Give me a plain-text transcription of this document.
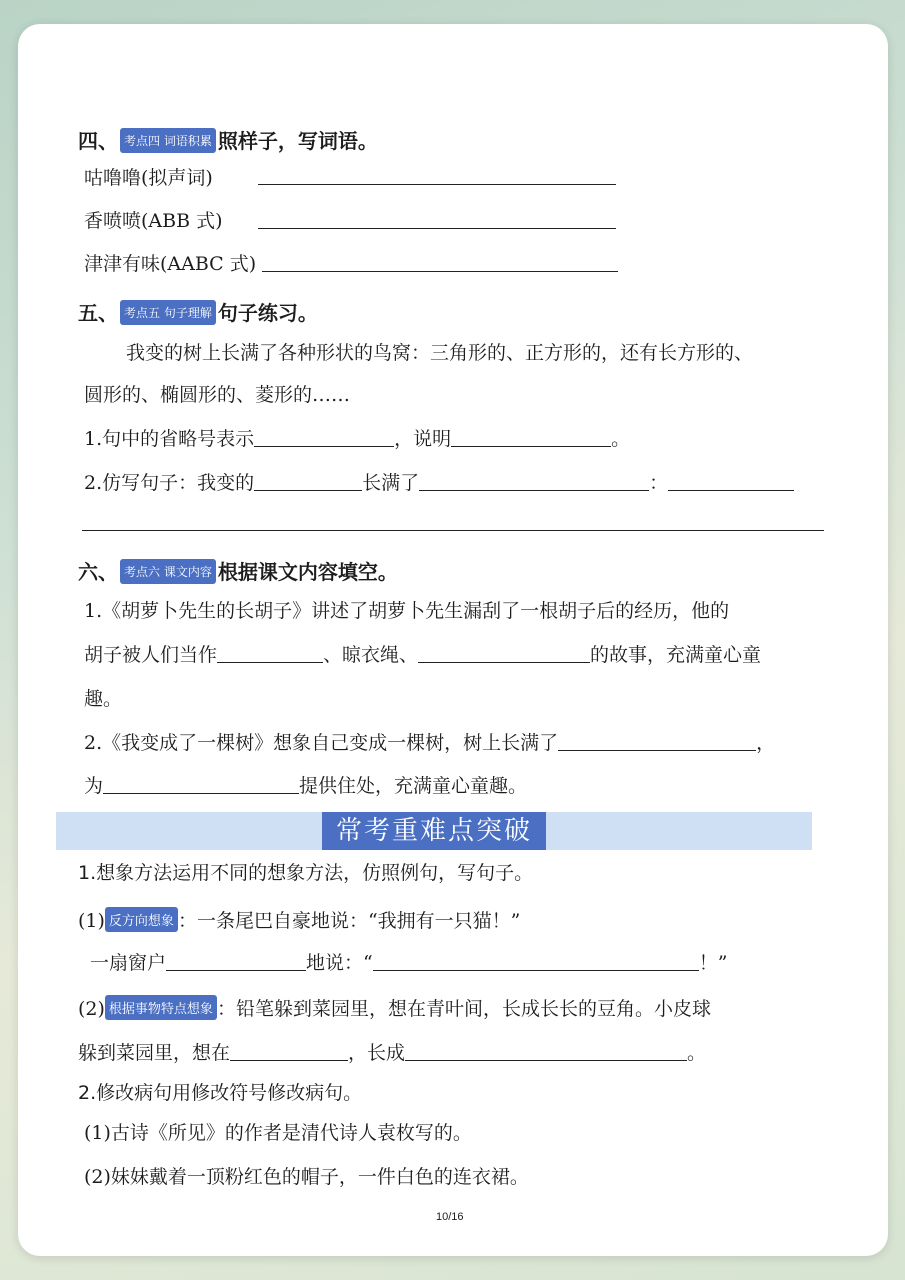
四、 考点四 词语积累 照样子，写词语。
咕噜噜(拟声词)
香喷喷(ABB 式)
津津有味(AABC 式)
五、 考点五 句子理解 句子练习。
我变的树上长满了各种形状的鸟窝：三角形的、正方形的，还有长方形的、
圆形的、椭圆形的、菱形的……
1.句中的省略号表示	，说明	。
2.仿写句子：我变的	长满了	：
六、 考点六 课文内容 根据课文内容填空。
1.《胡萝卜先生的长胡子》讲述了胡萝卜先生漏刮了一根胡子后的经历，他的
胡子被人们当作	、晾衣绳、	的故事，充满童心童
趣。
2.《我变成了一棵树》想象自己变成一棵树，树上长满了	，
为	提供住处，充满童心童趣。
常考重难点突破
1.想象方法运用不同的想象方法，仿照例句，写句子。
(1) 反方向想象 ：一条尾巴自豪地说：“我拥有一只猫！”
一扇窗户	地说：“	！”
(2) 根据事物特点想象 ：铅笔躲到菜园里，想在青叶间，长成长长的豆角。小皮球
躲到菜园里，想在	，长成	。
2.修改病句用修改符号修改病句。
(1)古诗《所见》的作者是清代诗人袁枚写的。
(2)妹妹戴着一顶粉红色的帽子，一件白色的连衣裙。
10/16
